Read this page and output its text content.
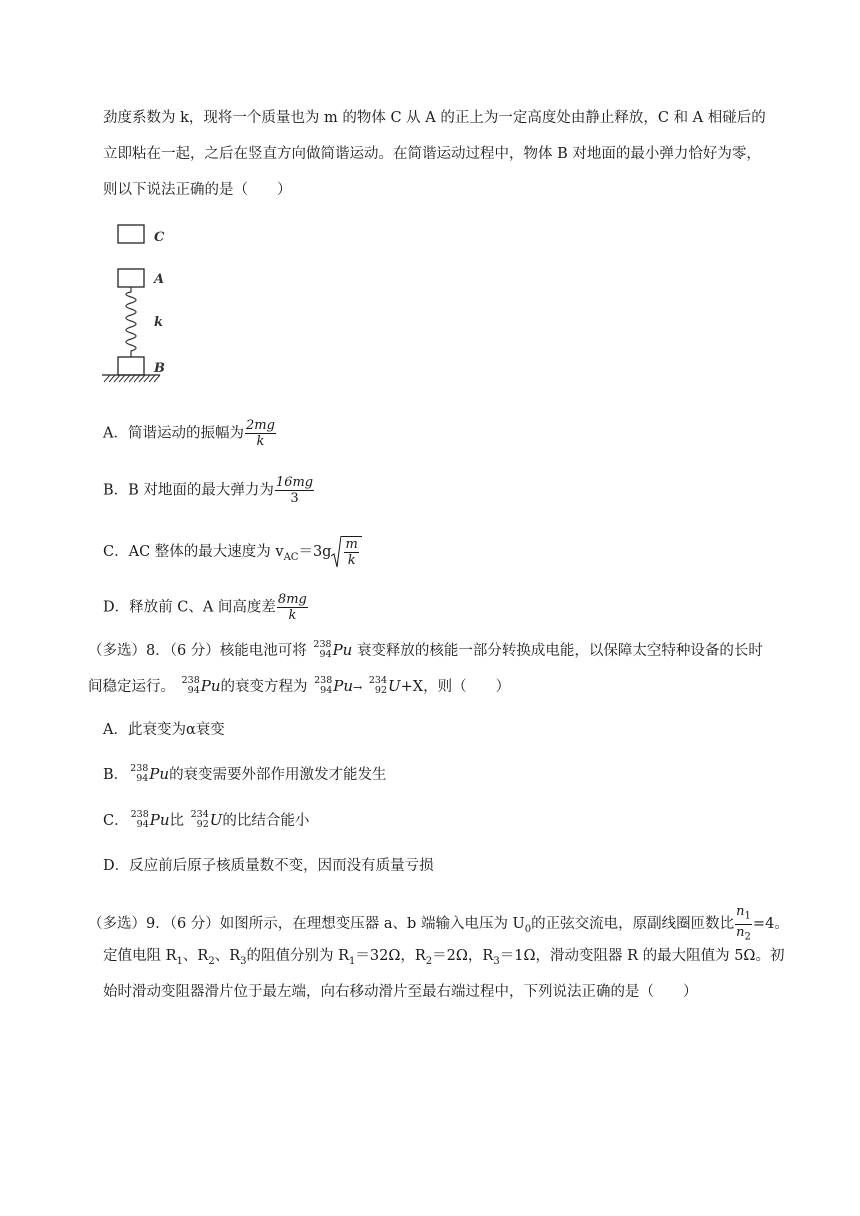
劲度系数为 k，现将一个质量也为 m 的物体 C 从 A 的正上为一定高度处由静止释放，C 和 A 相碰后的
立即粘在一起，之后在竖直方向做简谐运动。在简谐运动过程中，物体 B 对地面的最小弹力恰好为零，
则以下说法正确的是（　　）
C
A
k
B
A．简谐运动的振幅为 $\frac{2mg}{k}$
B．B 对地面的最大弹力为 $\frac{16mg}{3}$
C．AC 整体的最大速度为 $v_{AC}=3g \frac{m}{k}$
D．释放前 C、A 间高度差 $\frac{8mg}{k}$
（多选）8．（6 分）核能电池可将 238
94 Pu 衰变释放的核能一部分转换成电能，以保障太空特种设备的长时
间稳定运行。 238
94 Pu的衰变方程为 238
94 Pu→
234
92 U+X，则（　　）
A．此衰变为α衰变
B． 238
94 Pu的衰变需要外部作用激发才能发生
C． 238
94 Pu比 234
92 U的比结合能小
D．反应前后原子核质量数不变，因而没有质量亏损
（多选）9．（6 分）如图所示，在理想变压器 a、b 端输入电压为 $U_0$的正弦交流电，原副线圈匝数比 $\frac{n_1}{n_2} =4$。
定值电阻 $R_1$、$R_2$、$R_3$的阻值分别为 $R_1=32\Omega$，$R_2=2\Omega$，$R_3=1\Omega$，滑动变阻器 R 的最大阻值为 5Ω。初
始时滑动变阻器滑片位于最左端，向右移动滑片至最右端过程中，下列说法正确的是（　　）
